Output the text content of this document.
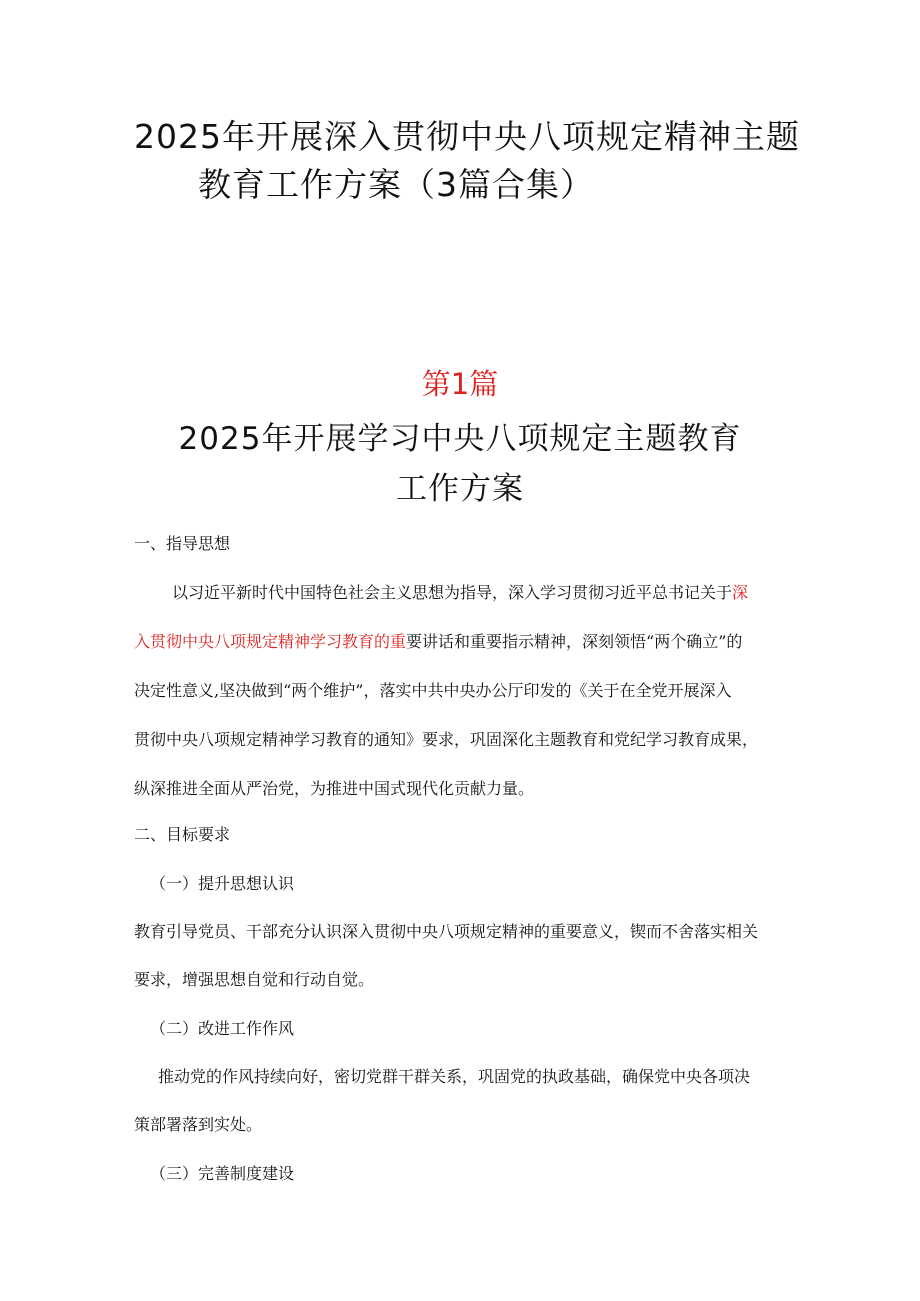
2025年开展深入贯彻中央八项规定精神主题
教育工作方案（3篇合集）
第1篇
2025年开展学习中央八项规定主题教育
工作方案
一、指导思想
以习近平新时代中国特色社会主义思想为指导，深入学习贯彻习近平总书记关于深
入贯彻中央八项规定精神学习教育的重要讲话和重要指示精神，深刻领悟“两个确立”的
决定性意义,坚决做到“两个维护”，落实中共中央办公厅印发的《关于在全党开展深入
贯彻中央八项规定精神学习教育的通知》要求，巩固深化主题教育和党纪学习教育成果，
纵深推进全面从严治党，为推进中国式现代化贡献力量。
二、目标要求
（一）提升思想认识
教育引导党员、干部充分认识深入贯彻中央八项规定精神的重要意义，锲而不舍落实相关
要求，增强思想自觉和行动自觉。
（二）改进工作作风
推动党的作风持续向好，密切党群干群关系，巩固党的执政基础，确保党中央各项决
策部署落到实处。
（三）完善制度建设
